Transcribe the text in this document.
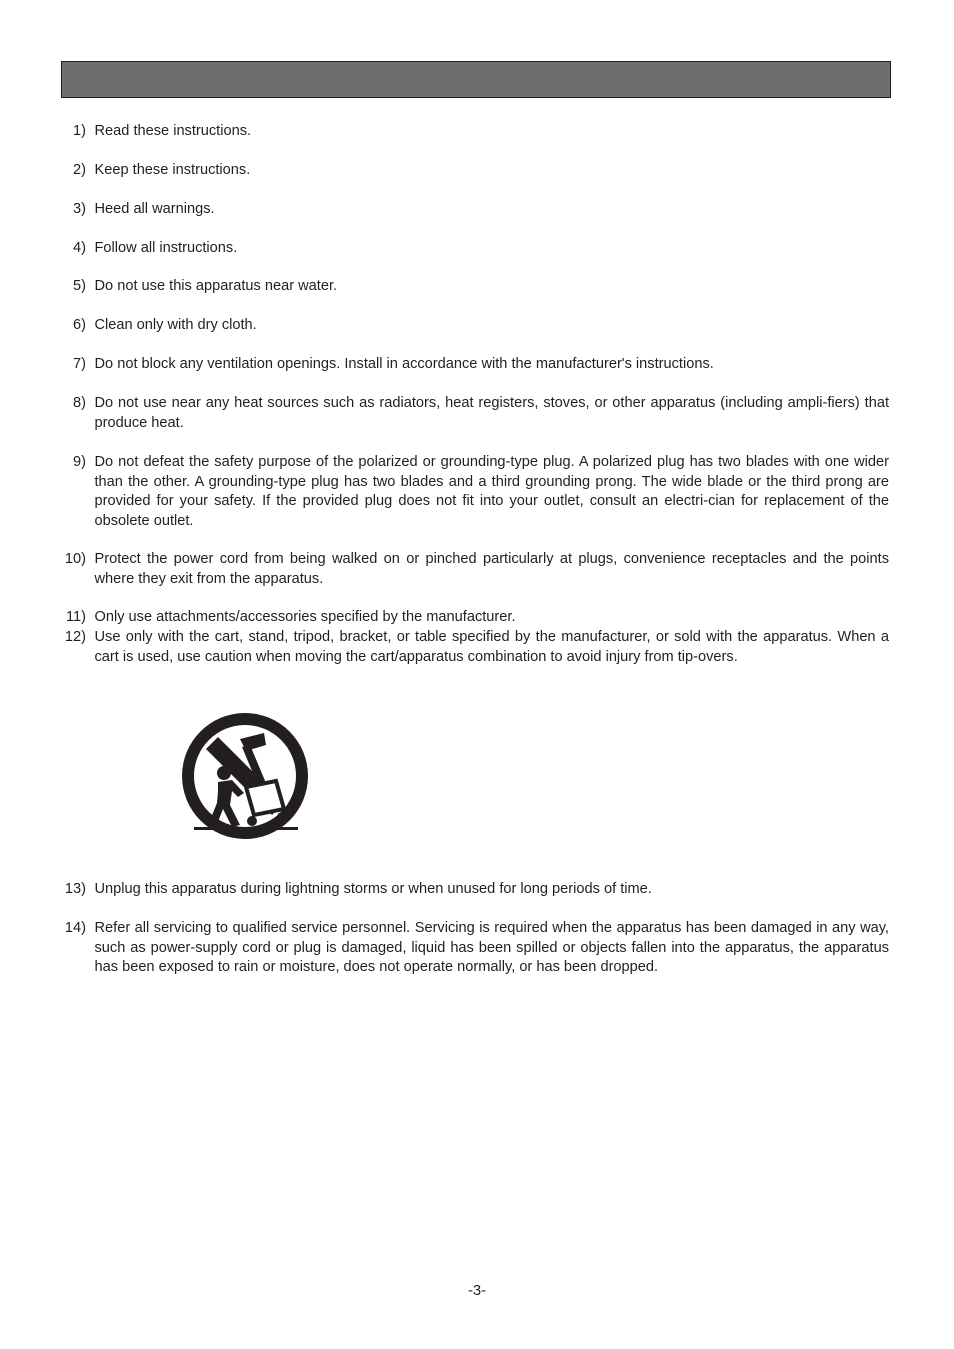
1) Read these instructions.
2) Keep these instructions.
3) Heed all warnings.
4) Follow all instructions.
5) Do not use this apparatus near water.
6) Clean only with dry cloth.
7) Do not block any ventilation openings. Install in accordance with the manufacturer's instructions.
8) Do not use near any heat sources such as radiators, heat registers, stoves, or other apparatus (including ampli-fiers) that produce heat.
9) Do not defeat the safety purpose of the polarized or grounding-type plug. A polarized plug has two blades with one wider than the other. A grounding-type plug has two blades and a third grounding prong. The wide blade or the third prong are provided for your safety. If the provided plug does not fit into your outlet, consult an electri-cian for replacement of the obsolete outlet.
10) Protect the power cord from being walked on or pinched particularly at plugs, convenience receptacles and the points where they exit from the apparatus.
11) Only use attachments/accessories specified by the manufacturer.
12) Use only with the cart, stand, tripod, bracket, or table specified by the manufacturer, or sold with the apparatus. When a cart is used, use caution when moving the cart/apparatus combination to avoid injury from tip-overs.
13) Unplug this apparatus during lightning storms or when unused for long periods of time.
14) Refer all servicing to qualified service personnel. Servicing is required when the apparatus has been damaged in any way, such as power-supply cord or plug is damaged, liquid has been spilled or objects fallen into the apparatus, the apparatus has been exposed to rain or moisture, does not operate normally, or has been dropped.
-3-
